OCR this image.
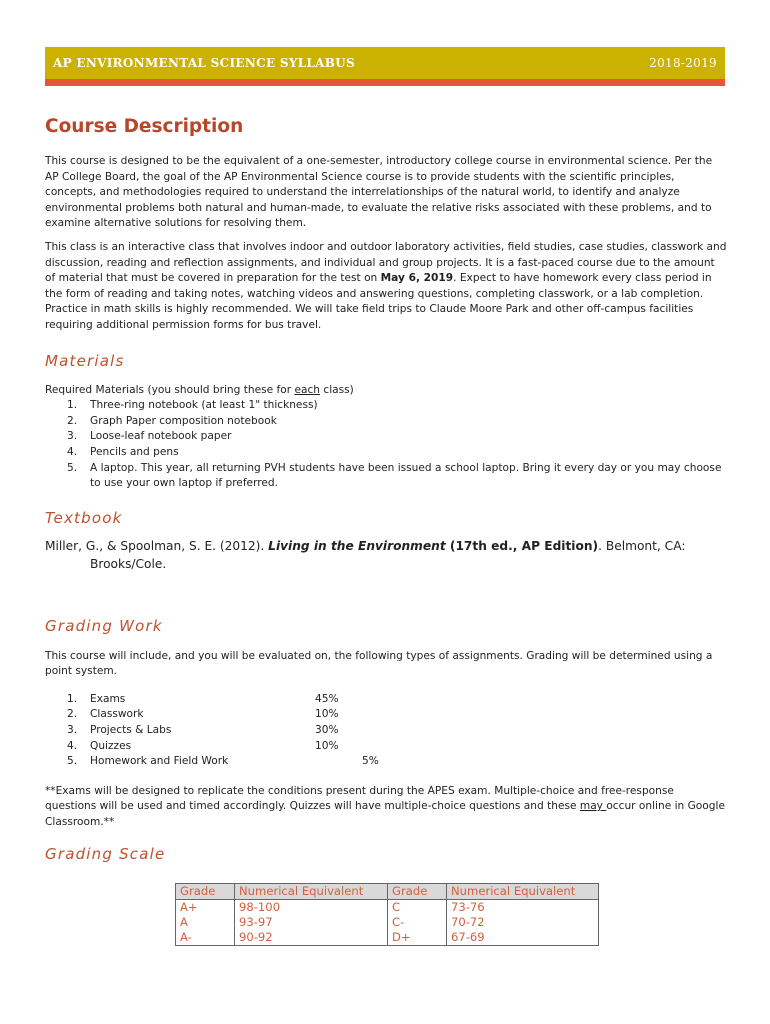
AP ENVIRONMENTAL SCIENCE SYLLABUS	2018-2019
Course Description

This course is designed to be the equivalent of a one-semester, introductory college course in environmental science. Per the AP College Board, the goal of the AP Environmental Science course is to provide students with the scientific principles, concepts, and methodologies required to understand the interrelationships of the natural world, to identify and analyze environmental problems both natural and human-made, to evaluate the relative risks associated with these problems, and to examine alternative solutions for resolving them.

This class is an interactive class that involves indoor and outdoor laboratory activities, field studies, case studies, classwork and discussion, reading and reflection assignments, and individual and group projects. It is a fast-paced course due to the amount of material that must be covered in preparation for the test on May 6, 2019. Expect to have homework every class period in the form of reading and taking notes, watching videos and answering questions, completing classwork, or a lab completion. Practice in math skills is highly recommended. We will take field trips to Claude Moore Park and other off-campus facilities requiring additional permission forms for bus travel.

Materials

Required Materials (you should bring these for each class)

1. Three-ring notebook (at least 1" thickness)
2. Graph Paper composition notebook
3. Loose-leaf notebook paper
4. Pencils and pens
5. A laptop. This year, all returning PVH students have been issued a school laptop. Bring it every day or you may choose to use your own laptop if preferred.
Textbook
Miller, G., & Spoolman, S. E. (2012). Living in the Environment (17th ed., AP Edition). Belmont, CA:
Brooks/Cole.
Grading Work

This course will include, and you will be evaluated on, the following types of assignments. Grading will be determined using a point system.

1. Exams	45%
2. Classwork	10%
3. Projects & Labs	30%
4. Quizzes	10%
5. Homework and Field Work	5%

**Exams will be designed to replicate the conditions present during the APES exam. Multiple-choice and free-response questions will be used and timed accordingly. Quizzes will have multiple-choice questions and these may occur online in Google Classroom.**

Grading Scale
Grade	Numerical Equivalent	Grade	Numerical Equivalent
A+	98-100	C	73-76
A	93-97	C-	70-72
A-	90-92	D+	67-69
